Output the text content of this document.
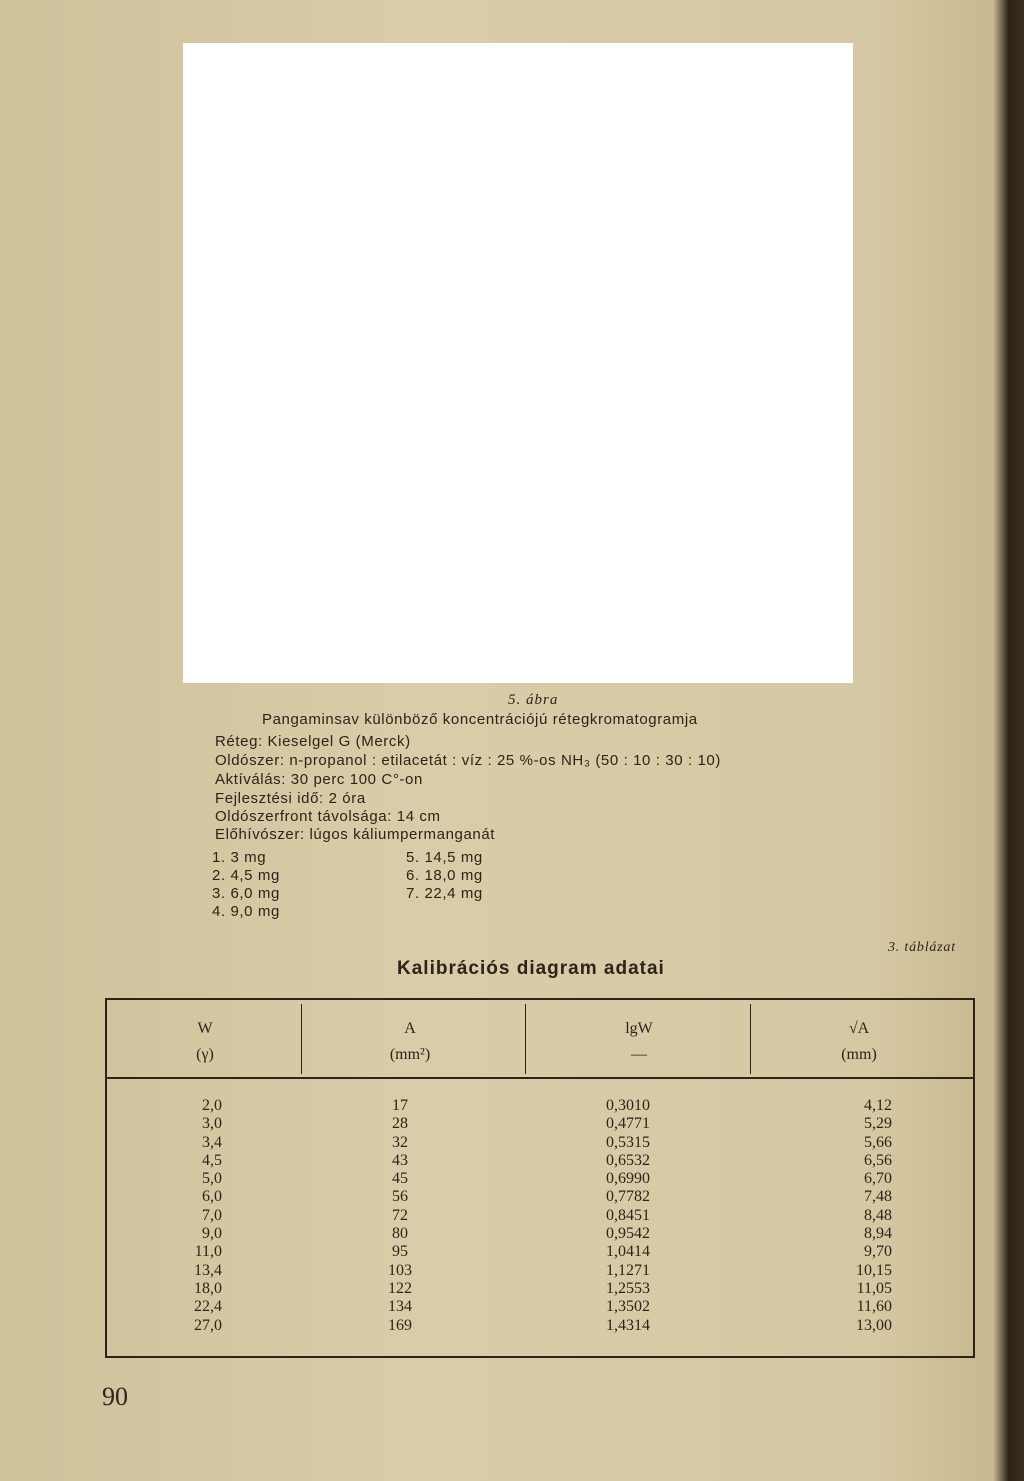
5. ábra
Pangaminsav különböző koncentrációjú rétegkromatogramja
Réteg: Kieselgel G (Merck)
Oldószer: n-propanol : etilacetát : víz : 25 %-os NH₃ (50 : 10 : 30 : 10)
Aktíválás: 30 perc 100 C°-on
Fejlesztési idő: 2 óra
Oldószerfront távolsága: 14 cm
Előhívószer: lúgos káliumpermanganát
1. 3 mg
2. 4,5 mg
3. 6,0 mg
4. 9,0 mg
5. 14,5 mg
6. 18,0 mg
7. 22,4 mg
3. táblázat
Kalibrációs diagram adatai
W
(γ)
A
(mm²)
lgW
—
√A
(mm)
2,0
3,0
3,4
4,5
5,0
6,0
7,0
9,0
11,0
13,4
18,0
22,4
27,0
17
28
32
43
45
56
72
80
95
103
122
134
169
0,3010
0,4771
0,5315
0,6532
0,6990
0,7782
0,8451
0,9542
1,0414
1,1271
1,2553
1,3502
1,4314
4,12
5,29
5,66
6,56
6,70
7,48
8,48
8,94
9,70
10,15
11,05
11,60
13,00
90
